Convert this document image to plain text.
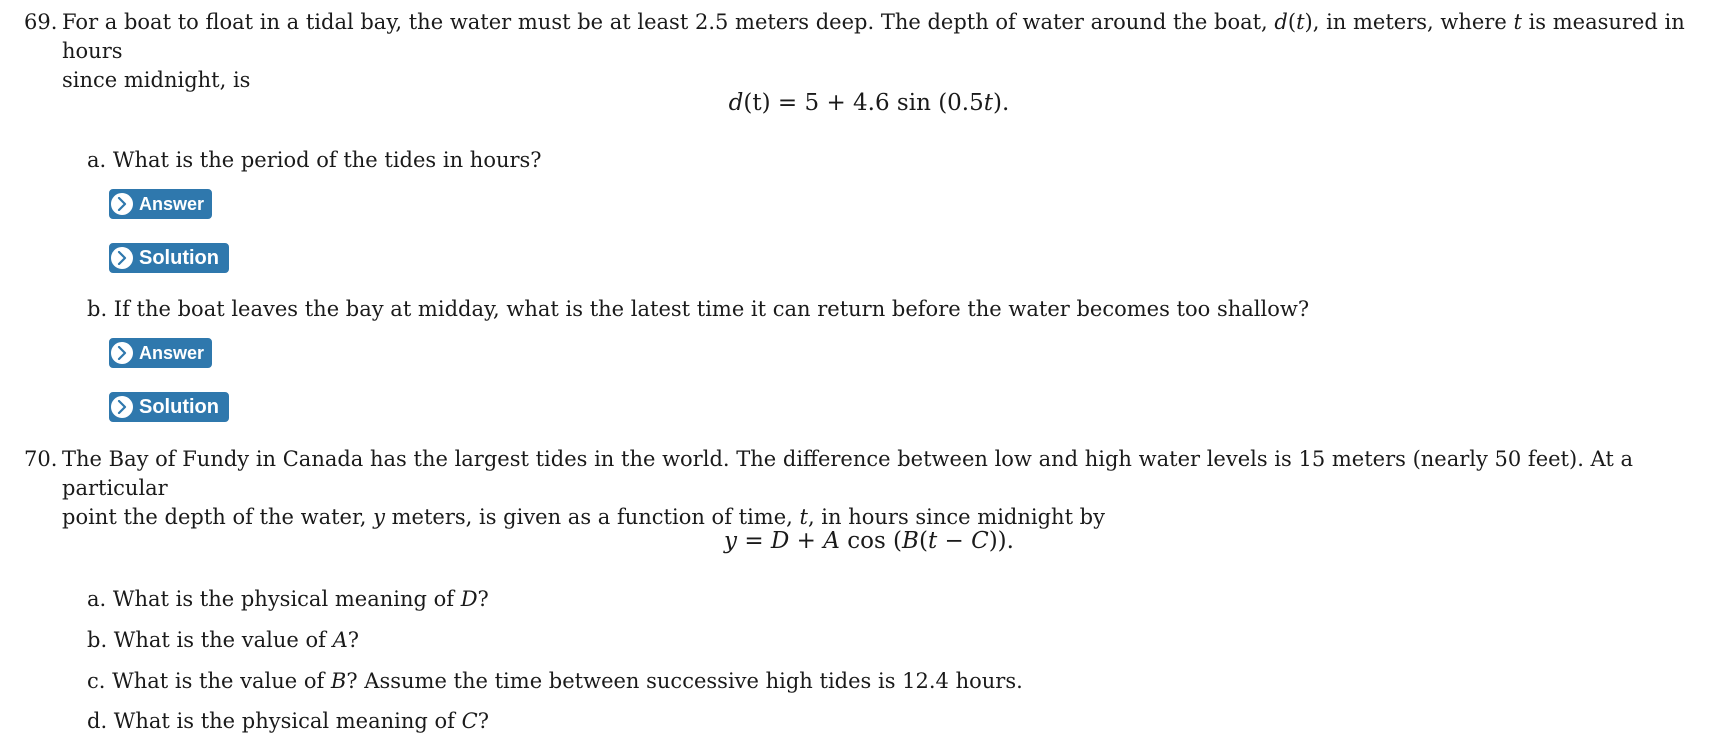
69. For a boat to float in a tidal bay, the water must be at least 2.5 meters deep. The depth of water around the boat, d(t), in meters, where t is measured in hours
since midnight, is
d(t) = 5 + 4.6 sin (0.5t).
a. What is the period of the tides in hours?
Answer
Solution
b. If the boat leaves the bay at midday, what is the latest time it can return before the water becomes too shallow?
Answer
Solution
70. The Bay of Fundy in Canada has the largest tides in the world. The difference between low and high water levels is 15 meters (nearly 50 feet). At a particular
point the depth of the water, y meters, is given as a function of time, t, in hours since midnight by
y = D + A cos (B(t − C)).
a. What is the physical meaning of D?
b. What is the value of A?
c. What is the value of B? Assume the time between successive high tides is 12.4 hours.
d. What is the physical meaning of C?
